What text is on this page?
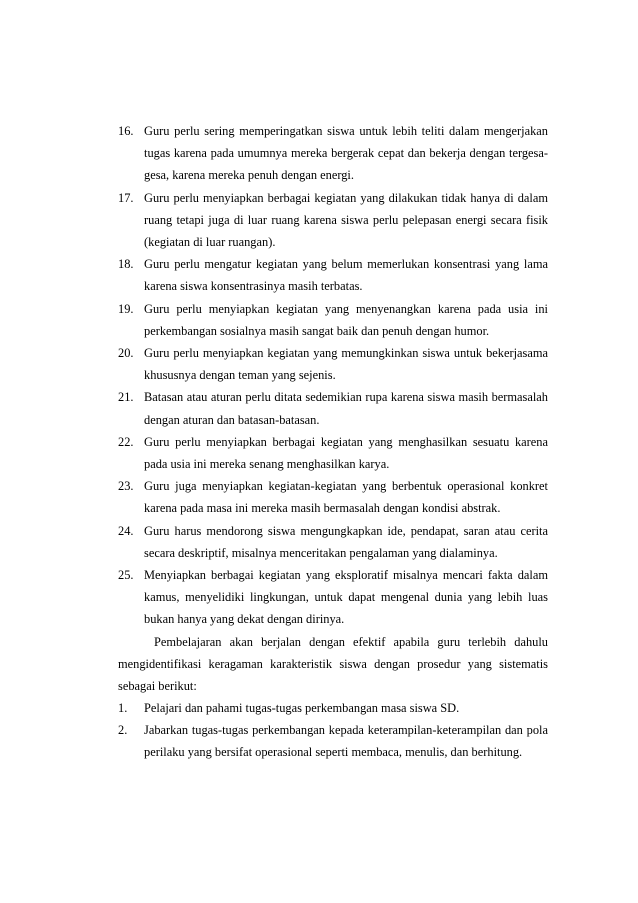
16. Guru perlu sering memperingatkan siswa untuk lebih teliti dalam mengerjakan tugas karena pada umumnya mereka bergerak cepat dan bekerja dengan tergesa-gesa, karena mereka penuh dengan energi.
17. Guru perlu menyiapkan berbagai kegiatan yang dilakukan tidak hanya di dalam ruang tetapi juga di luar ruang karena siswa perlu pelepasan energi secara fisik (kegiatan di luar ruangan).
18. Guru perlu mengatur kegiatan yang belum memerlukan konsentrasi yang lama karena siswa konsentrasinya masih terbatas.
19. Guru perlu menyiapkan kegiatan yang menyenangkan karena pada usia ini perkembangan sosialnya masih sangat baik dan penuh dengan humor.
20. Guru perlu menyiapkan kegiatan yang memungkinkan siswa untuk bekerjasama khususnya dengan teman yang sejenis.
21. Batasan atau aturan perlu ditata sedemikian rupa karena siswa masih bermasalah dengan aturan dan batasan-batasan.
22. Guru perlu menyiapkan berbagai kegiatan yang menghasilkan sesuatu karena pada usia ini mereka senang menghasilkan karya.
23. Guru juga menyiapkan kegiatan-kegiatan yang berbentuk operasional konkret karena pada masa ini mereka masih bermasalah dengan kondisi abstrak.
24. Guru harus mendorong siswa mengungkapkan ide, pendapat, saran atau cerita secara deskriptif, misalnya menceritakan pengalaman yang dialaminya.
25. Menyiapkan berbagai kegiatan yang eksploratif misalnya mencari fakta dalam kamus, menyelidiki lingkungan, untuk dapat mengenal dunia yang lebih luas bukan hanya yang dekat dengan dirinya.

Pembelajaran akan berjalan dengan efektif apabila guru terlebih dahulu mengidentifikasi keragaman karakteristik siswa dengan prosedur yang sistematis sebagai berikut:

1.	Pelajari dan pahami tugas-tugas perkembangan masa siswa SD.
2.	Jabarkan tugas-tugas perkembangan kepada keterampilan-keterampilan dan pola perilaku yang bersifat operasional seperti membaca, menulis, dan berhitung.
